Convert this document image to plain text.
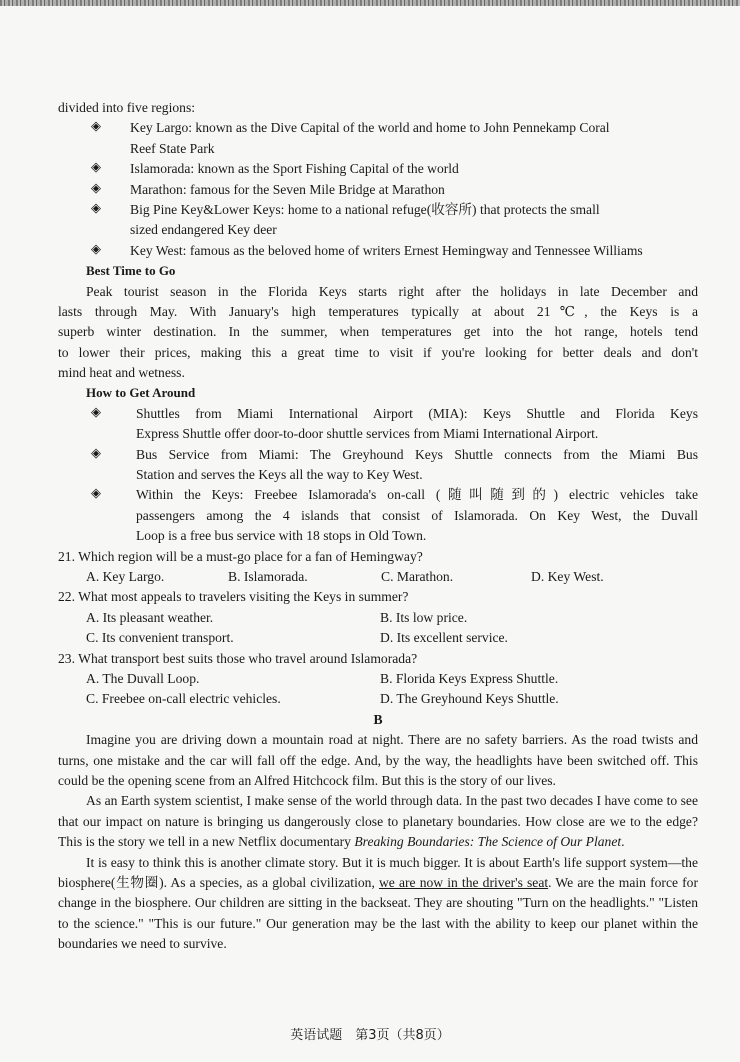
divided into five regions:
◈	Key Largo: known as the Dive Capital of the world and home to John Pennekamp Coral
Reef State Park
◈	Islamorada: known as the Sport Fishing Capital of the world
◈	Marathon: famous for the Seven Mile Bridge at Marathon
◈	Big Pine Key&Lower Keys: home to a national refuge(收容所) that protects the small
sized endangered Key deer
◈	Key West: famous as the beloved home of writers Ernest Hemingway and Tennessee Williams
Best Time to Go
Peak tourist season in the Florida Keys starts right after the holidays in late December and
lasts through May. With January's high temperatures typically at about 21℃, the Keys is a
superb winter destination. In the summer, when temperatures get into the hot range, hotels tend
to lower their prices, making this a great time to visit if you're looking for better deals and don't
mind heat and wetness.
How to Get Around
◈	Shuttles from Miami International Airport (MIA): Keys Shuttle and Florida Keys
Express Shuttle offer door-to-door shuttle services from Miami International Airport.
◈	Bus Service from Miami: The Greyhound Keys Shuttle connects from the Miami Bus
Station and serves the Keys all the way to Key West.
◈	Within the Keys: Freebee Islamorada's on-call (随叫随到的) electric vehicles take
passengers among the 4 islands that consist of Islamorada. On Key West, the Duvall
Loop is a free bus service with 18 stops in Old Town.
21. Which region will be a must-go place for a fan of Hemingway?
A. Key Largo.	B. Islamorada.	C. Marathon.	D. Key West.
22. What most appeals to travelers visiting the Keys in summer?
A. Its pleasant weather.	B. Its low price.
C. Its convenient transport.	D. Its excellent service.
23. What transport best suits those who travel around Islamorada?
A. The Duvall Loop.	B. Florida Keys Express Shuttle.
C. Freebee on-call electric vehicles.	D. The Greyhound Keys Shuttle.
B
Imagine you are driving down a mountain road at night. There are no safety barriers. As the road twists and turns, one mistake and the car will fall off the edge. And, by the way, the headlights have been switched off. This could be the opening scene from an Alfred Hitchcock film. But this is the story of our lives.
As an Earth system scientist, I make sense of the world through data. In the past two decades I have come to see that our impact on nature is bringing us dangerously close to planetary boundaries. How close are we to the edge? This is the story we tell in a new Netflix documentary Breaking Boundaries: The Science of Our Planet.
It is easy to think this is another climate story. But it is much bigger. It is about Earth's life support system—the biosphere(生物圈). As a species, as a global civilization, we are now in the driver's seat. We are the main force for change in the biosphere. Our children are sitting in the backseat. They are shouting "Turn on the headlights." "Listen to the science." "This is our future." Our generation may be the last with the ability to keep our planet within the boundaries we need to survive.
英语试题　第3页（共8页）
